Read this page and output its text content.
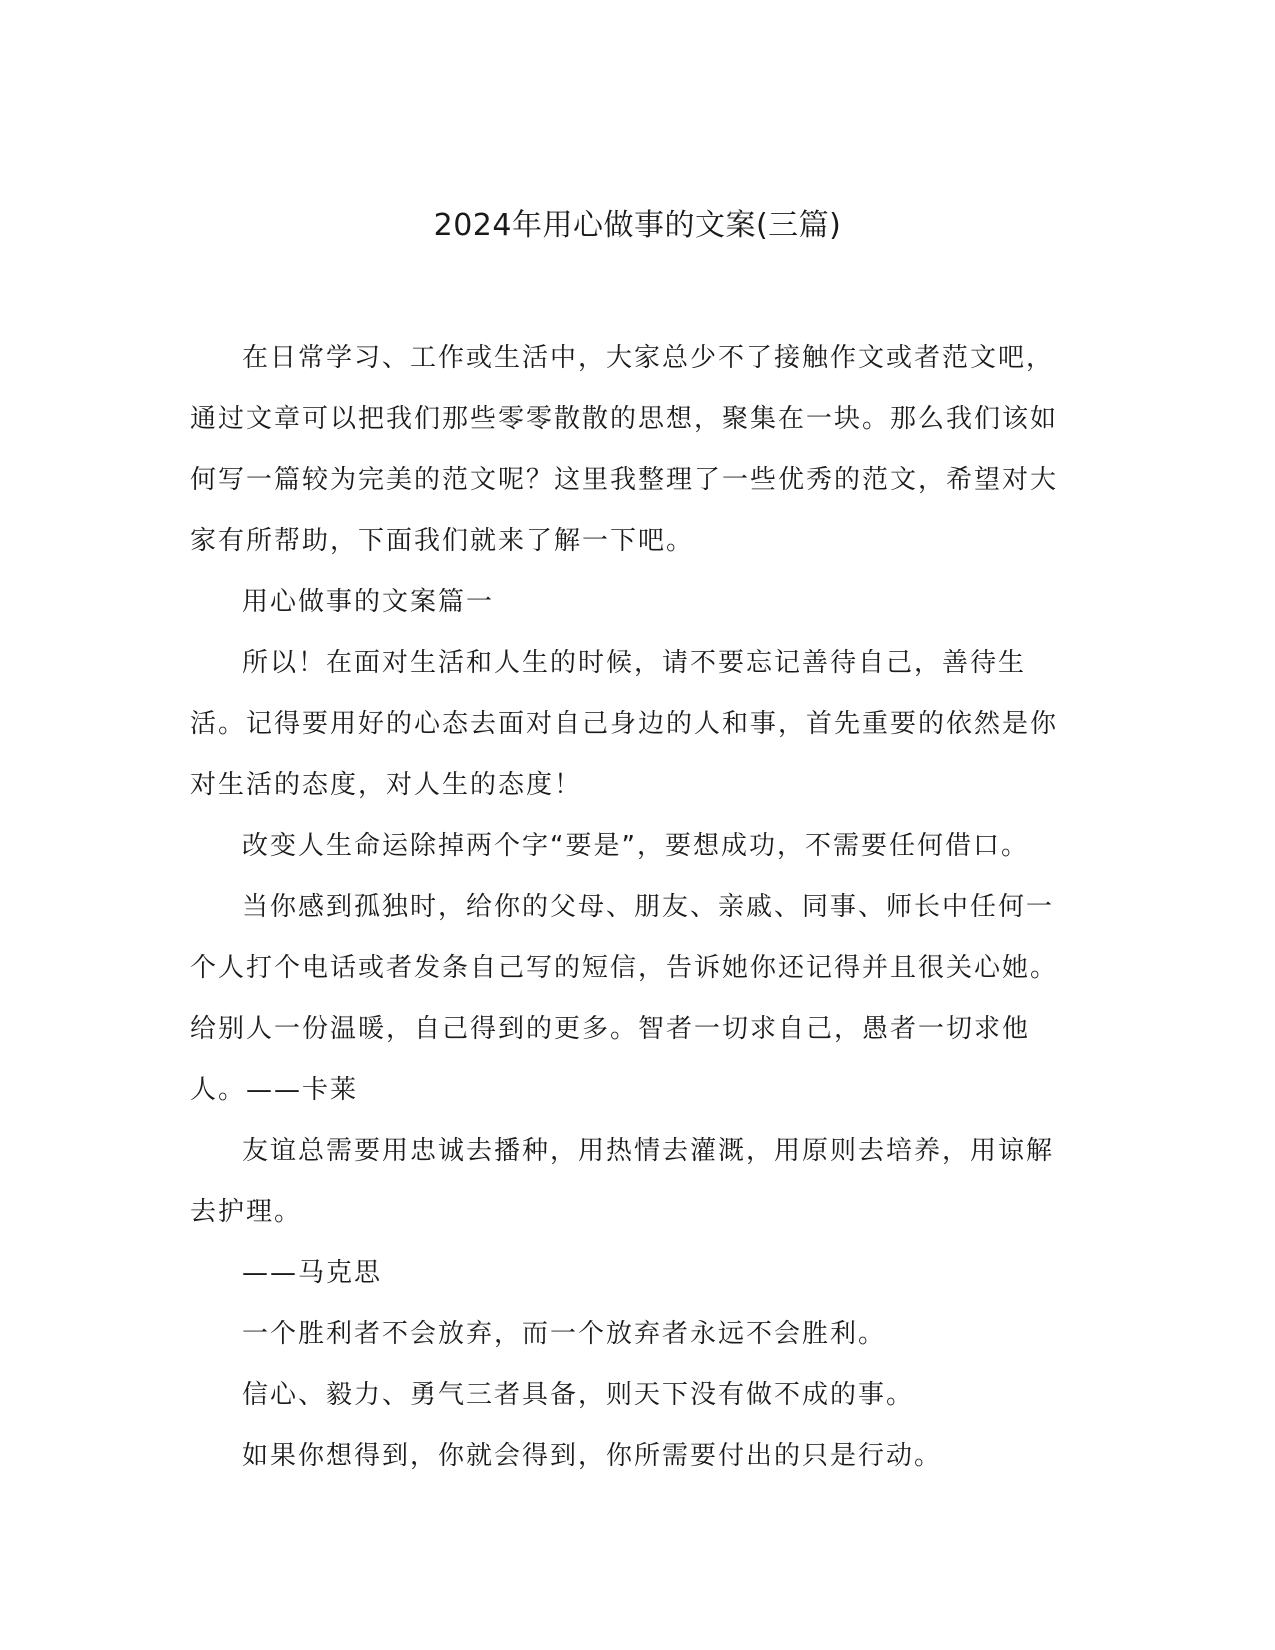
2024年用心做事的文案(三篇)

在日常学习、工作或生活中，大家总少不了接触作文或者范文吧，通过文章可以把我们那些零零散散的思想，聚集在一块。那么我们该如何写一篇较为完美的范文呢？这里我整理了一些优秀的范文，希望对大家有所帮助，下面我们就来了解一下吧。

用心做事的文案篇一

所以！在面对生活和人生的时候，请不要忘记善待自己，善待生活。记得要用好的心态去面对自己身边的人和事，首先重要的依然是你对生活的态度，对人生的态度！

改变人生命运除掉两个字“要是”，要想成功，不需要任何借口。

当你感到孤独时，给你的父母、朋友、亲戚、同事、师长中任何一个人打个电话或者发条自己写的短信，告诉她你还记得并且很关心她。给别人一份温暖，自己得到的更多。智者一切求自己，愚者一切求他人。——卡莱

友谊总需要用忠诚去播种，用热情去灌溉，用原则去培养，用谅解去护理。

——马克思

一个胜利者不会放弃，而一个放弃者永远不会胜利。

信心、毅力、勇气三者具备，则天下没有做不成的事。

如果你想得到，你就会得到，你所需要付出的只是行动。
